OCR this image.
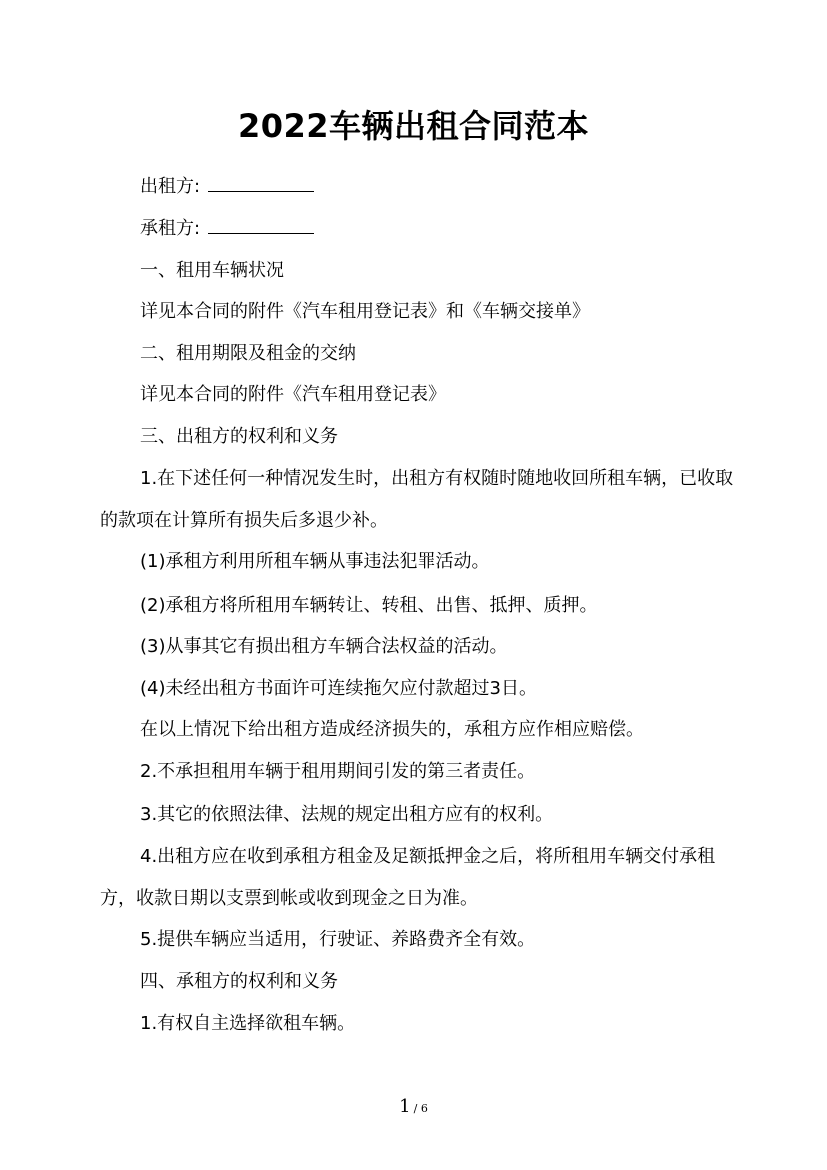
2022车辆出租合同范本

出租方:

承租方:

一、租用车辆状况

详见本合同的附件《汽车租用登记表》和《车辆交接单》

二、租用期限及租金的交纳

详见本合同的附件《汽车租用登记表》

三、出租方的权利和义务

1.在下述任何一种情况发生时，出租方有权随时随地收回所租车辆，已收取的款项在计算所有损失后多退少补。

(1)承租方利用所租车辆从事违法犯罪活动。

(2)承租方将所租用车辆转让、转租、出售、抵押、质押。

(3)从事其它有损出租方车辆合法权益的活动。

(4)未经出租方书面许可连续拖欠应付款超过3日。

在以上情况下给出租方造成经济损失的，承租方应作相应赔偿。

2.不承担租用车辆于租用期间引发的第三者责任。

3.其它的依照法律、法规的规定出租方应有的权利。

4.出租方应在收到承租方租金及足额抵押金之后，将所租用车辆交付承租方，收款日期以支票到帐或收到现金之日为准。

5.提供车辆应当适用，行驶证、养路费齐全有效。

四、承租方的权利和义务

1.有权自主选择欲租车辆。

1 / 6
